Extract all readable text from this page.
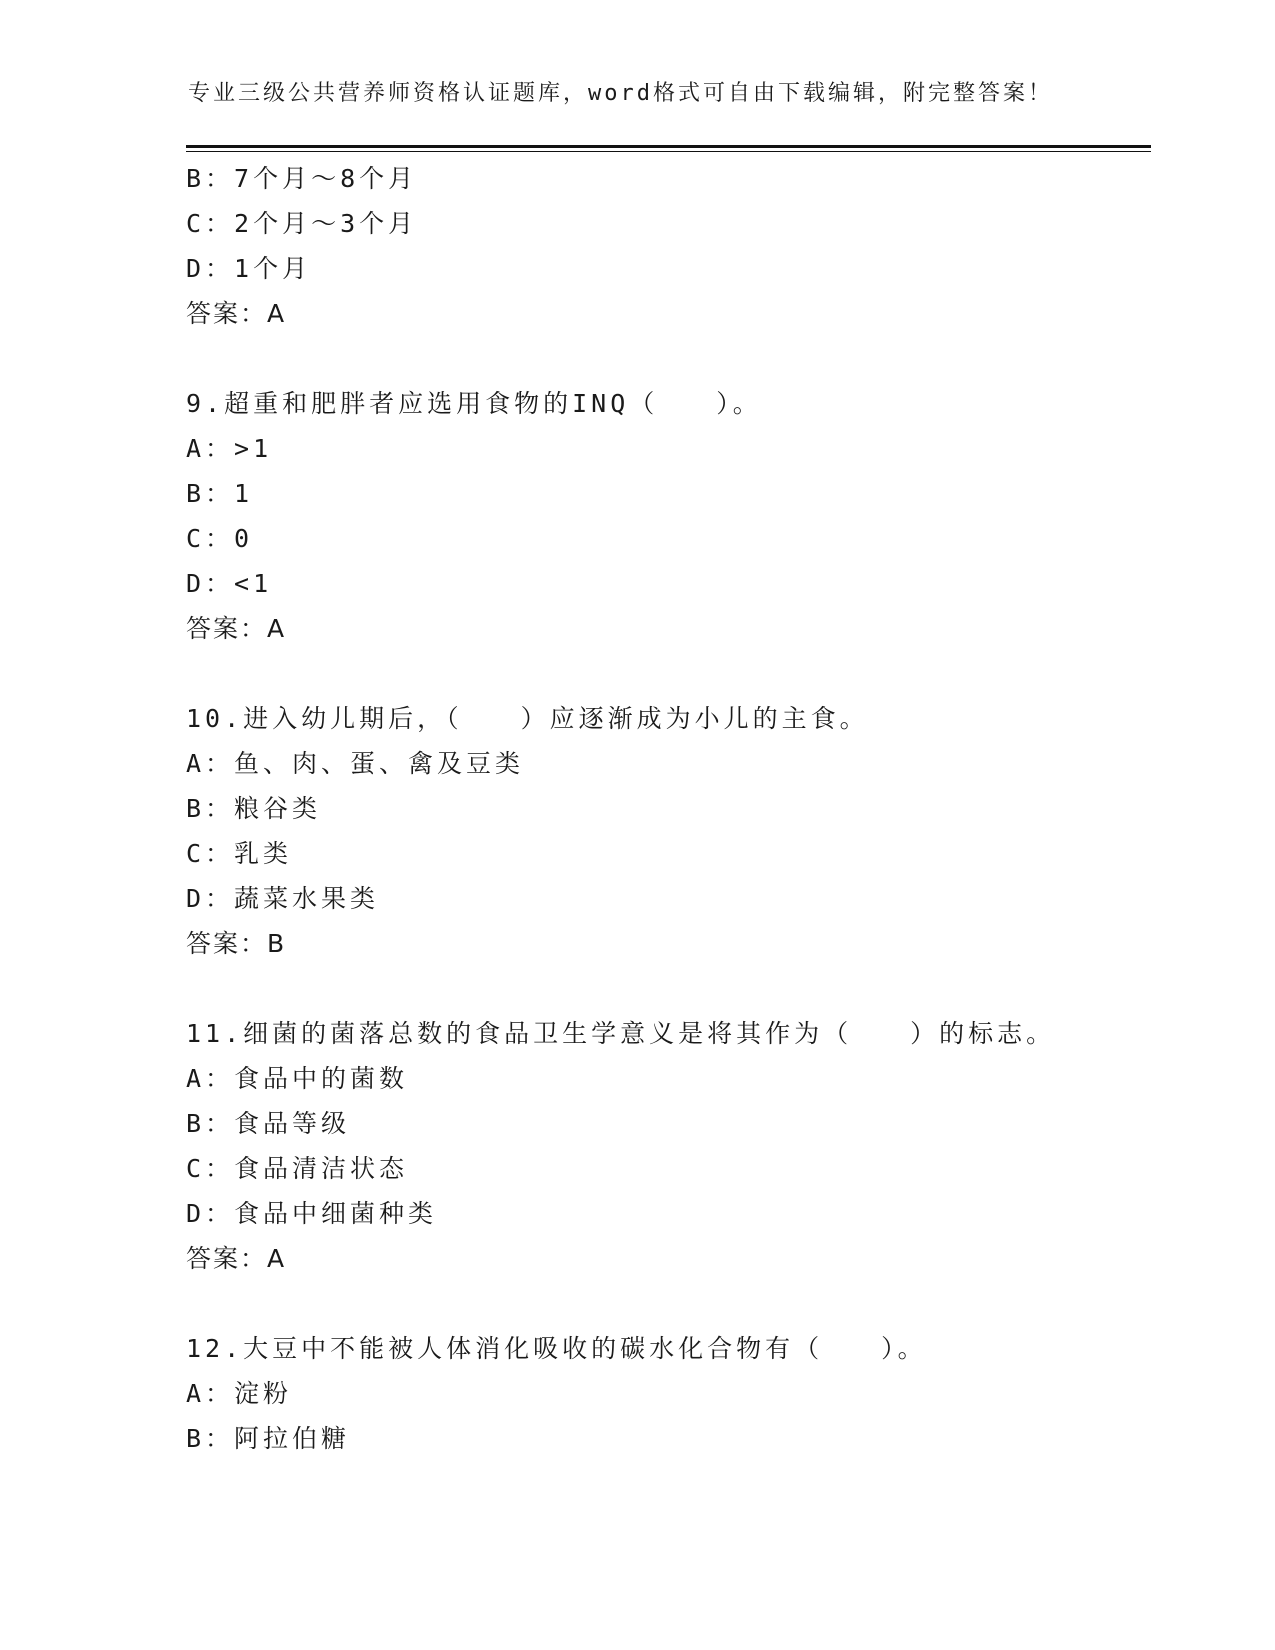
专业三级公共营养师资格认证题库，word格式可自由下载编辑，附完整答案！
B：7个月～8个月
C：2个月～3个月
D：1个月
答案：A
9.超重和肥胖者应选用食物的INQ（　　）。
A：>1
B：1
C：0
D：<1
答案：A
10.进入幼儿期后，（　　）应逐渐成为小儿的主食。
A：鱼、肉、蛋、禽及豆类
B：粮谷类
C：乳类
D：蔬菜水果类
答案：B
11.细菌的菌落总数的食品卫生学意义是将其作为（　　）的标志。
A：食品中的菌数
B：食品等级
C：食品清洁状态
D：食品中细菌种类
答案：A
12.大豆中不能被人体消化吸收的碳水化合物有（　　）。
A：淀粉
B：阿拉伯糖
